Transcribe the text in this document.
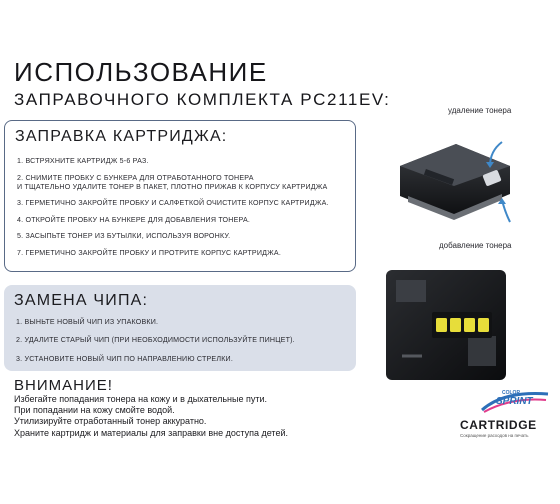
ИСПОЛЬЗОВАНИЕ
ЗАПРАВОЧНОГО КОМПЛЕКТА PC211EV:
ЗАПРАВКА КАРТРИДЖА:
1. ВСТРЯХНИТЕ КАРТРИДЖ 5-6 РАЗ.
2. СНИМИТЕ ПРОБКУ С БУНКЕРА ДЛЯ ОТРАБОТАННОГО ТОНЕРА
И ТЩАТЕЛЬНО УДАЛИТЕ ТОНЕР В ПАКЕТ, ПЛОТНО ПРИЖАВ К КОРПУСУ КАРТРИДЖА
3. ГЕРМЕТИЧНО ЗАКРОЙТЕ ПРОБКУ И САЛФЕТКОЙ ОЧИСТИТЕ КОРПУС КАРТРИДЖА.
4. ОТКРОЙТЕ ПРОБКУ НА БУНКЕРЕ ДЛЯ ДОБАВЛЕНИЯ ТОНЕРА.
5. ЗАСЫПЬТЕ ТОНЕР ИЗ БУТЫЛКИ, ИСПОЛЬЗУЯ ВОРОНКУ.
7. ГЕРМЕТИЧНО ЗАКРОЙТЕ ПРОБКУ И ПРОТРИТЕ КОРПУС КАРТРИДЖА.
ЗАМЕНА ЧИПА:
1. ВЫНЬТЕ НОВЫЙ ЧИП ИЗ УПАКОВКИ.
2. УДАЛИТЕ СТАРЫЙ ЧИП (ПРИ НЕОБХОДИМОСТИ ИСПОЛЬЗУЙТЕ ПИНЦЕТ).
3. УСТАНОВИТЕ НОВЫЙ ЧИП ПО НАПРАВЛЕНИЮ СТРЕЛКИ.
ВНИМАНИЕ!
Избегайте попадания тонера на кожу и в дыхательные пути.
При попадании на кожу смойте водой.
Утилизируйте отработанный тонер аккуратно.
Храните картридж и материалы для заправки вне доступа детей.
удаление тонера
добавление тонера
COLOR
SPRINT
CARTRIDGE
Сокращение расходов на печать
